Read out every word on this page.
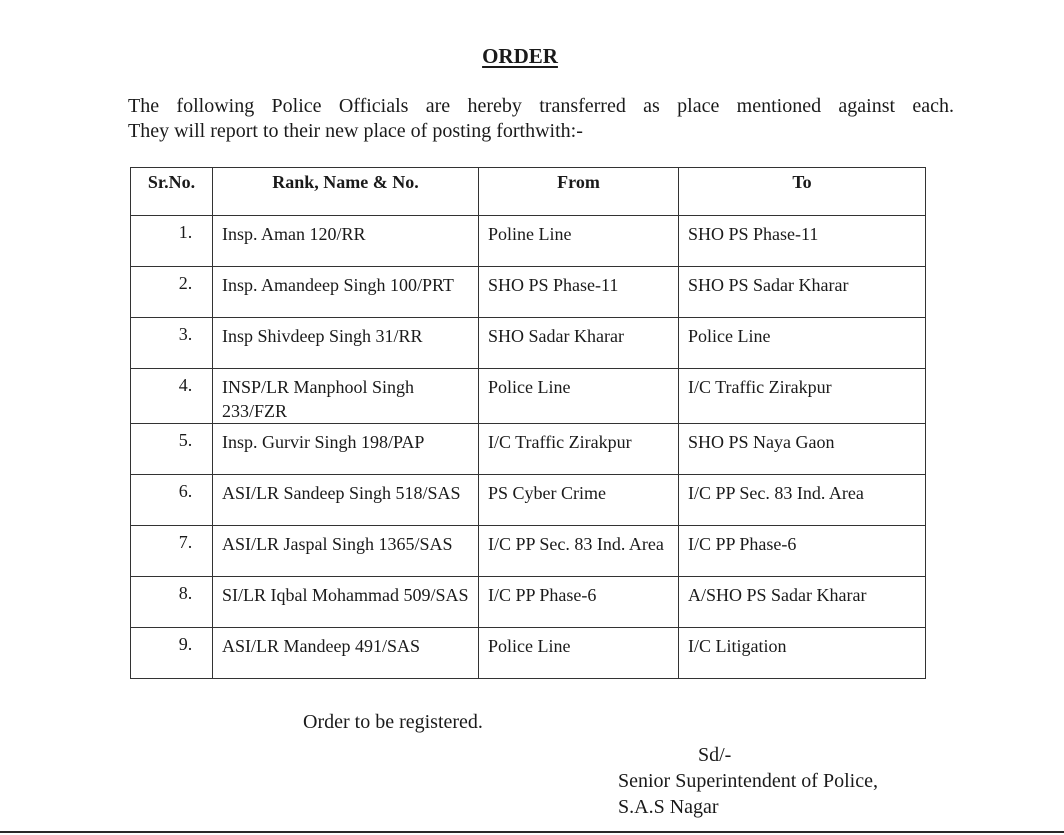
ORDER
The following Police Officials are hereby transferred as place mentioned against each.
They will report to their new place of posting forthwith:-
Sr.No.	Rank, Name & No.	From	To
1.	Insp. Aman 120/RR	Poline Line	SHO PS Phase-11
2.	Insp. Amandeep Singh 100/PRT	SHO PS Phase-11	SHO PS Sadar Kharar
3.	Insp Shivdeep Singh 31/RR	SHO Sadar Kharar	Police Line
4.	INSP/LR Manphool Singh 233/FZR	Police Line	I/C Traffic Zirakpur
5.	Insp. Gurvir Singh 198/PAP	I/C Traffic Zirakpur	SHO PS Naya Gaon
6.	ASI/LR Sandeep Singh 518/SAS	PS Cyber Crime	I/C PP Sec. 83 Ind. Area
7.	ASI/LR Jaspal Singh 1365/SAS	I/C PP Sec. 83 Ind. Area	I/C PP Phase-6
8.	SI/LR Iqbal Mohammad 509/SAS	I/C PP Phase-6	A/SHO PS Sadar Kharar
9.	ASI/LR Mandeep 491/SAS	Police Line	I/C Litigation
Order to be registered.
Sd/-
Senior Superintendent of Police,
S.A.S Nagar
